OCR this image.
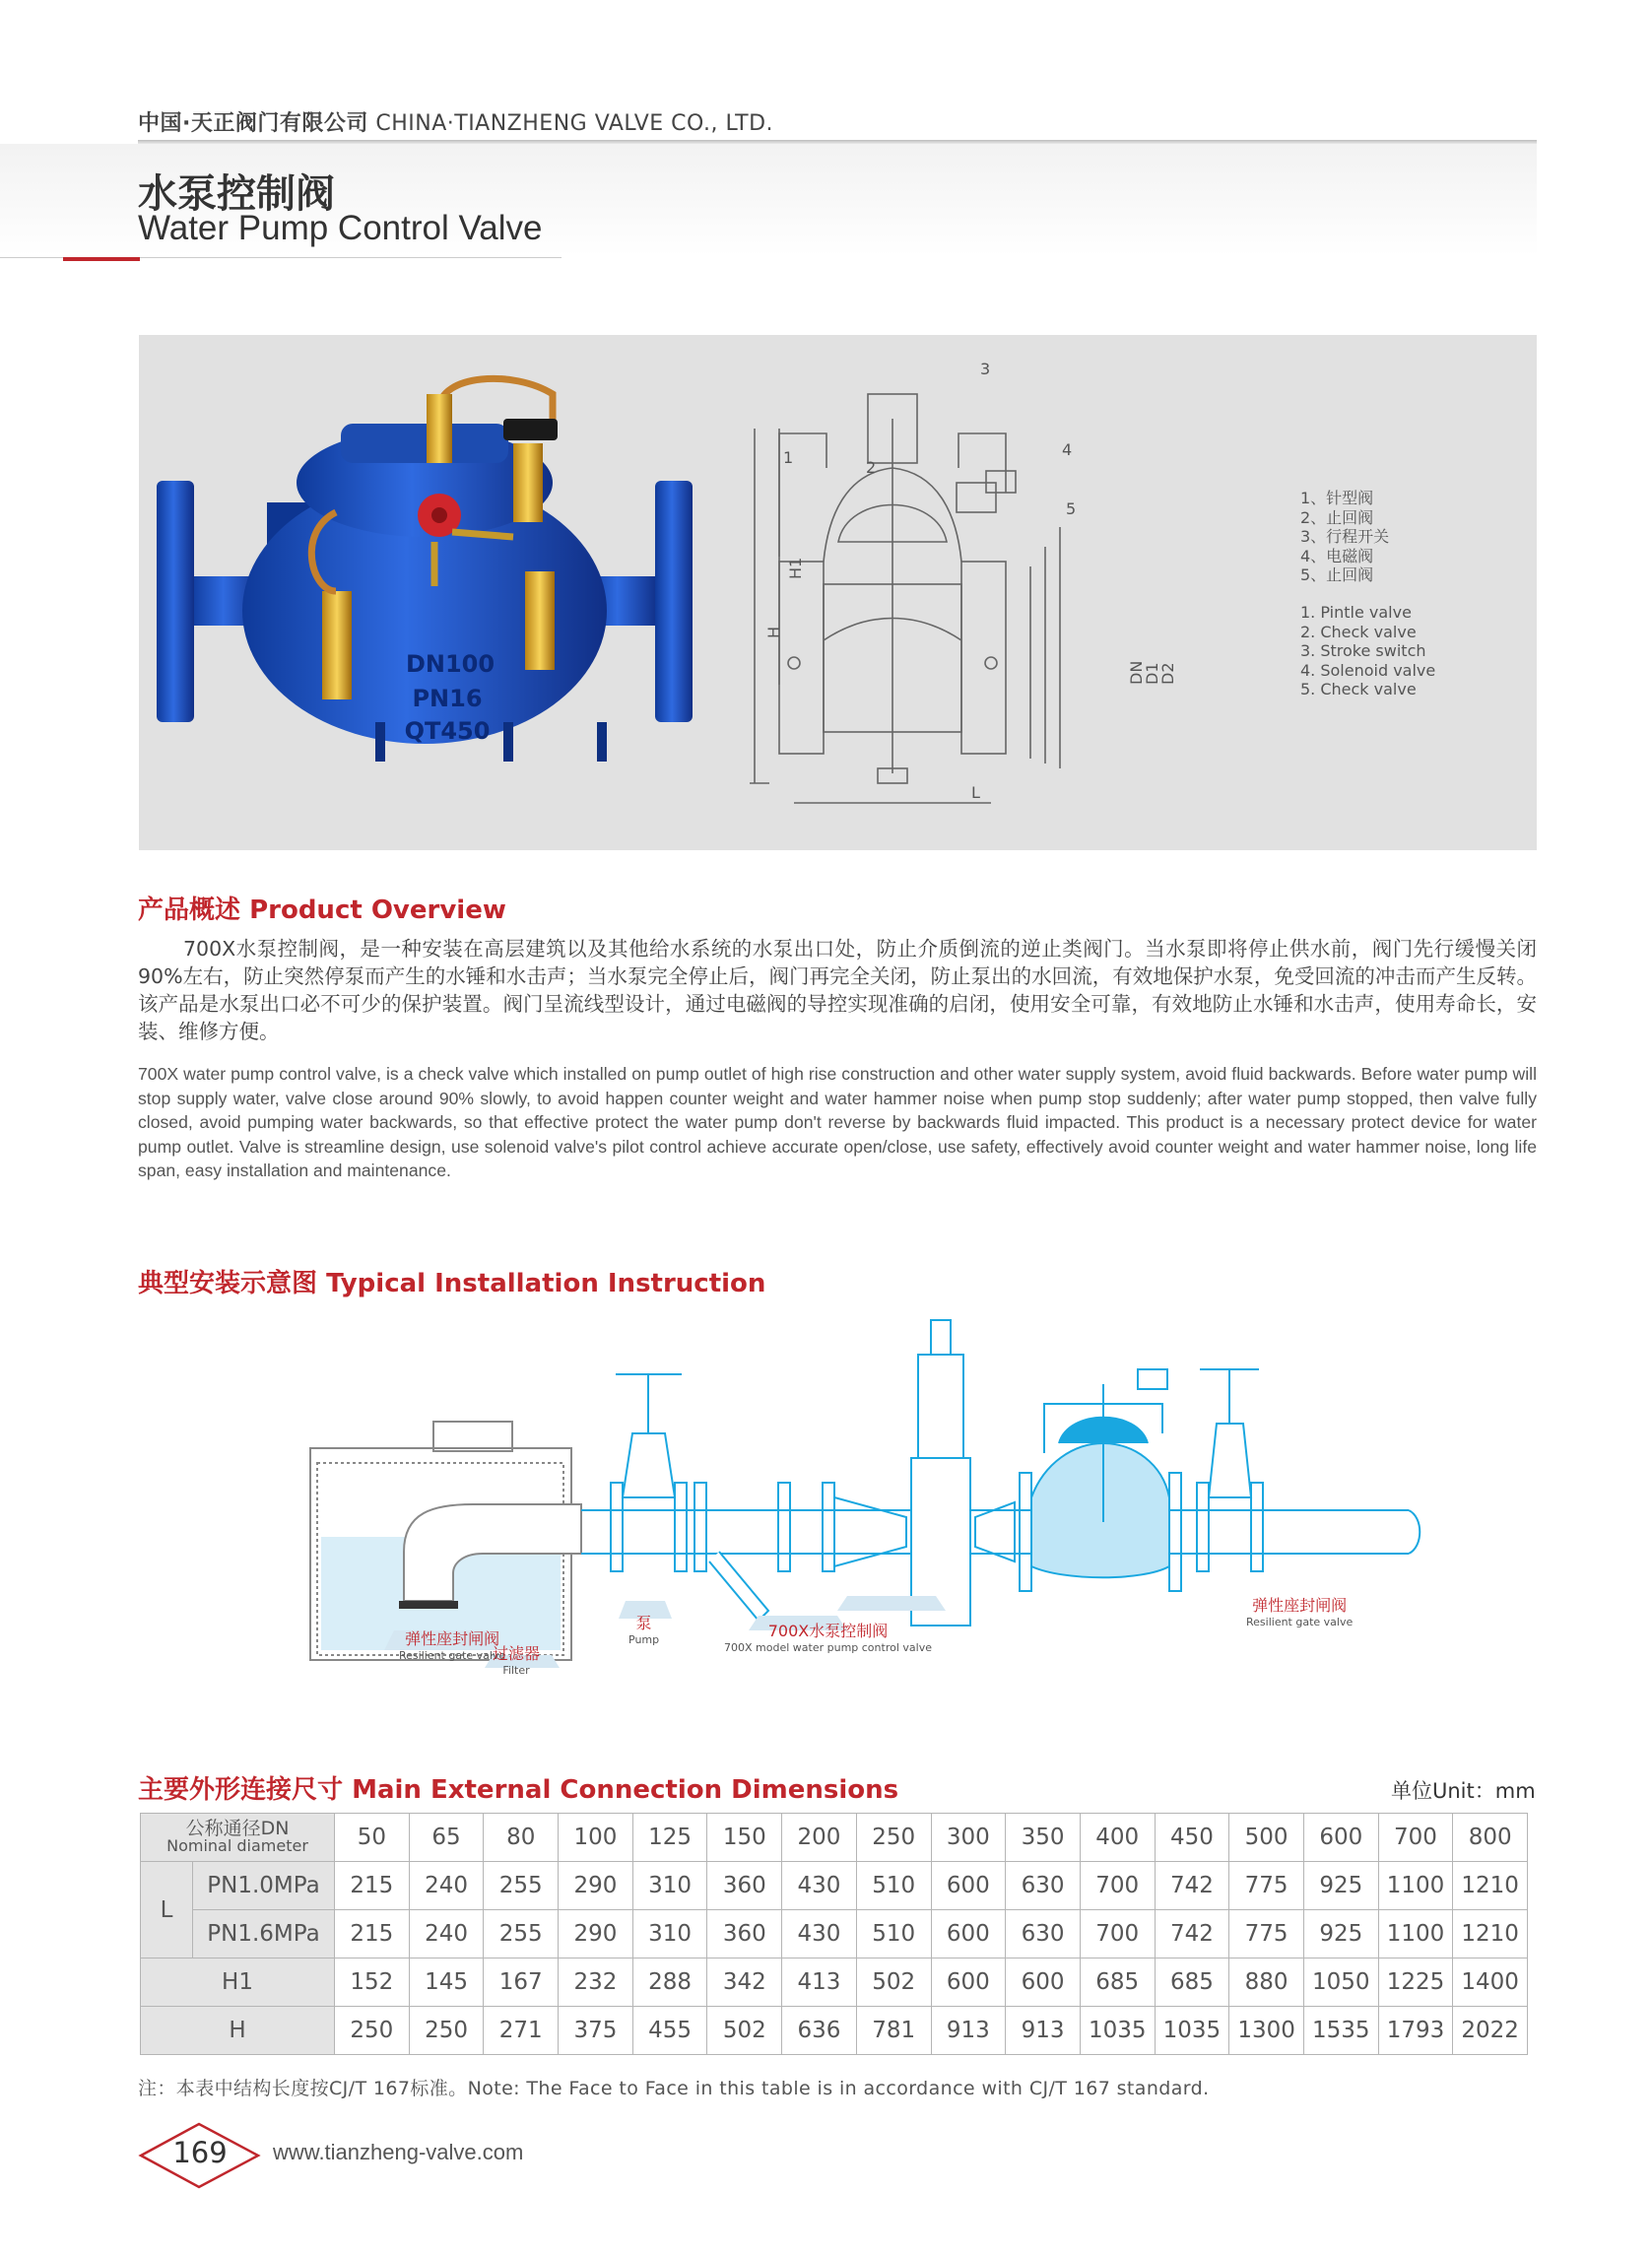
中国·天正阀门有限公司 CHINA·TIANZHENG VALVE CO., LTD.
水泵控制阀
Water Pump Control Valve
DN100
PN16
QT450
1
2
3
4
5
H1
H
DN
D1
D2
L
1、针型阀
2、止回阀
3、行程开关
4、电磁阀
5、止回阀
1. Pintle valve
2. Check valve
3. Stroke switch
4. Solenoid valve
5. Check valve
产品概述 Product Overview
700X水泵控制阀，是一种安装在高层建筑以及其他给水系统的水泵出口处，防止介质倒流的逆止类阀门。当水泵即将停止供水前，阀门先行缓慢关闭90%左右，防止突然停泵而产生的水锤和水击声；当水泵完全停止后，阀门再完全关闭，防止泵出的水回流，有效地保护水泵，免受回流的冲击而产生反转。该产品是水泵出口必不可少的保护装置。阀门呈流线型设计，通过电磁阀的导控实现准确的启闭，使用安全可靠，有效地防止水锤和水击声，使用寿命长，安装、维修方便。
700X water pump control valve, is a check valve which installed on pump outlet of high rise construction and other water supply system, avoid fluid backwards. Before water pump will stop supply water, valve close around 90% slowly, to avoid happen counter weight and water hammer noise when pump stop suddenly; after water pump stopped, then valve fully closed, avoid pumping water backwards, so that effective protect the water pump don't reverse by backwards fluid impacted. This product is a necessary protect device for water pump outlet. Valve is streamline design, use solenoid valve's pilot control achieve accurate open/close, use safety, effectively avoid counter weight and water hammer noise, long life span, easy installation and maintenance.
典型安装示意图 Typical Installation Instruction
弹性座封闸阀
Resilient gate valve
过滤器
Filter
泵
Pump	700X水泵控制阀
700X model water pump control valve
弹性座封闸阀
Resilient gate valve
主要外形连接尺寸 Main External Connection Dimensions	单位Unit：mm
公称通径DN
Nominal diameter		50	65	80	100	125	150	200	250	300	350	400	450	500	600	700	800
L	PN1.0MPa	215	240	255	290	310	360	430	510	600	630	700	742	775	925	1100	1210
	PN1.6MPa	215	240	255	290	310	360	430	510	600	630	700	742	775	925	1100	1210
H1		152	145	167	232	288	342	413	502	600	600	685	685	880	1050	1225	1400
H		250	250	271	375	455	502	636	781	913	913	1035	1035	1300	1535	1793	2022
注：本表中结构长度按CJ/T 167标准。Note: The Face to Face in this table is in accordance with CJ/T 167 standard.
169	www.tianzheng-valve.com
